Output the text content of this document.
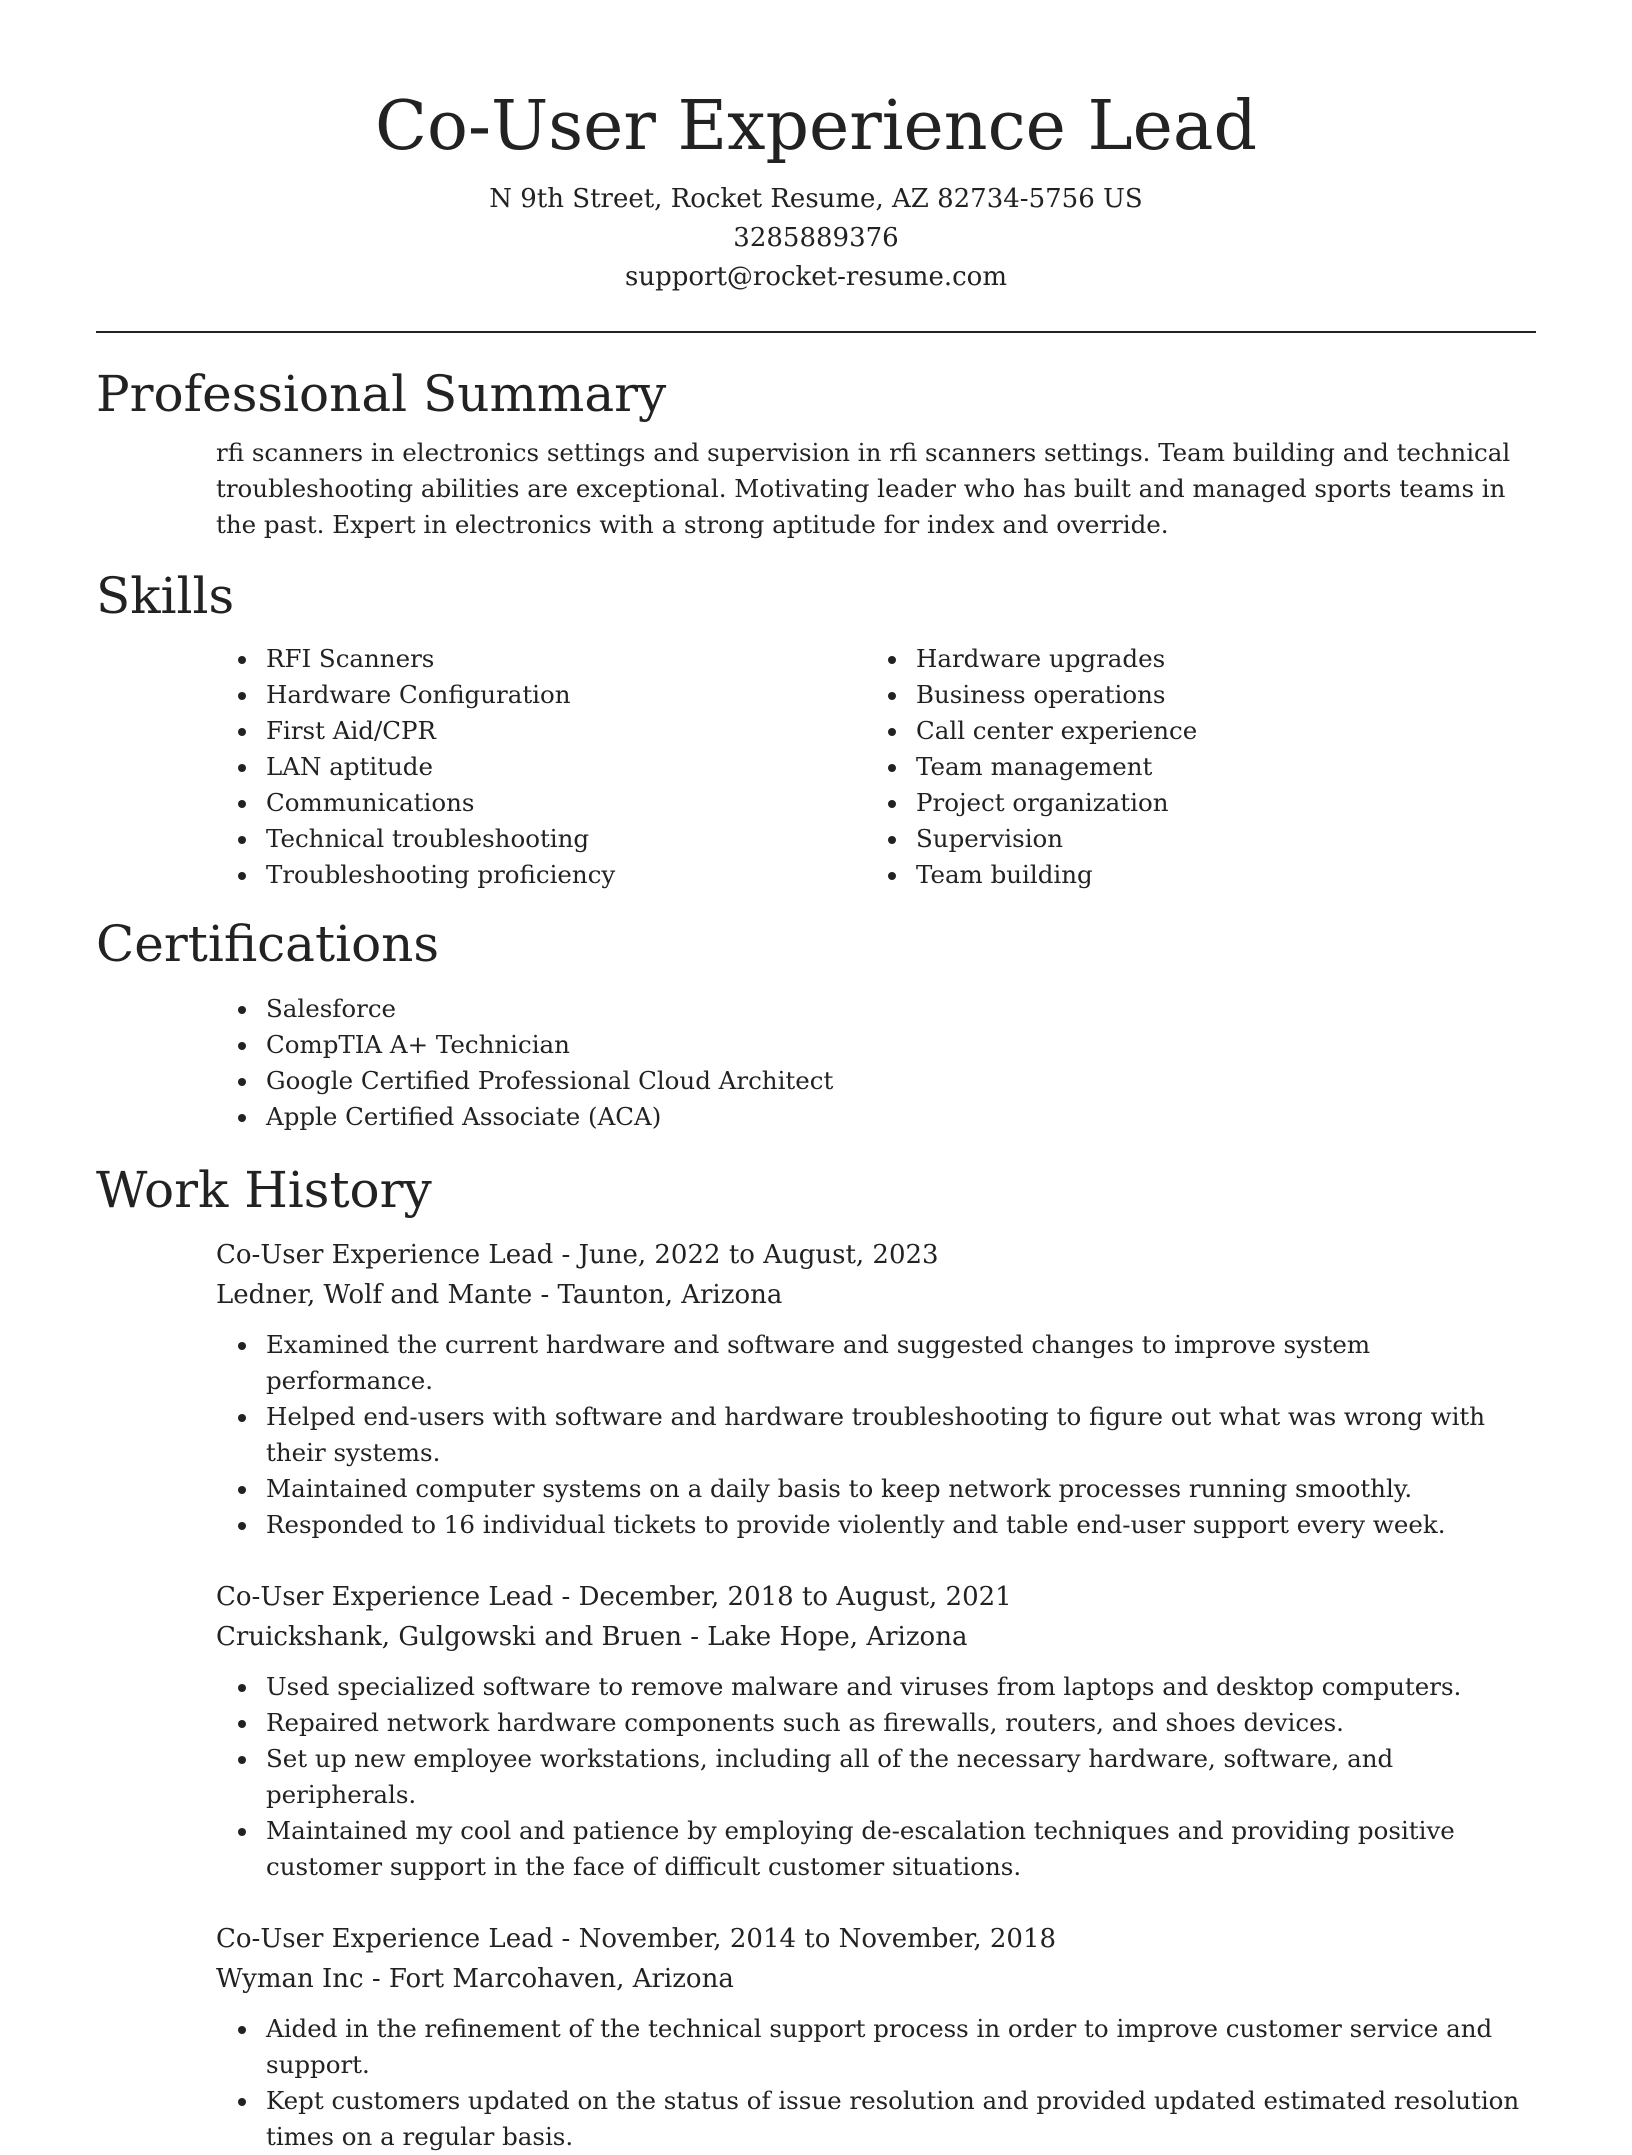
Co-User Experience Lead
N 9th Street, Rocket Resume, AZ 82734-5756 US
3285889376
support@rocket-resume.com
Professional Summary

rfi scanners in electronics settings and supervision in rfi scanners settings. Team building and technical troubleshooting abilities are exceptional. Motivating leader who has built and managed sports teams in the past. Expert in electronics with a strong aptitude for index and override.

Skills
• RFI Scanners
• Hardware Configuration
• First Aid/CPR
• LAN aptitude
• Communications
• Technical troubleshooting
• Troubleshooting proficiency
• Hardware upgrades
• Business operations
• Call center experience
• Team management
• Project organization
• Supervision
• Team building
Certifications
• Salesforce
• CompTIA A+ Technician
• Google Certified Professional Cloud Architect
• Apple Certified Associate (ACA)
Work History
Co-User Experience Lead - June, 2022 to August, 2023
Ledner, Wolf and Mante - Taunton, Arizona
• Examined the current hardware and software and suggested changes to improve system performance.
• Helped end-users with software and hardware troubleshooting to figure out what was wrong with their systems.
• Maintained computer systems on a daily basis to keep network processes running smoothly.
• Responded to 16 individual tickets to provide violently and table end-user support every week.
Co-User Experience Lead - December, 2018 to August, 2021
Cruickshank, Gulgowski and Bruen - Lake Hope, Arizona
• Used specialized software to remove malware and viruses from laptops and desktop computers.
• Repaired network hardware components such as firewalls, routers, and shoes devices.
• Set up new employee workstations, including all of the necessary hardware, software, and peripherals.
• Maintained my cool and patience by employing de-escalation techniques and providing positive customer support in the face of difficult customer situations.
Co-User Experience Lead - November, 2014 to November, 2018
Wyman Inc - Fort Marcohaven, Arizona
• Aided in the refinement of the technical support process in order to improve customer service and support.
• Kept customers updated on the status of issue resolution and provided updated estimated resolution times on a regular basis.
